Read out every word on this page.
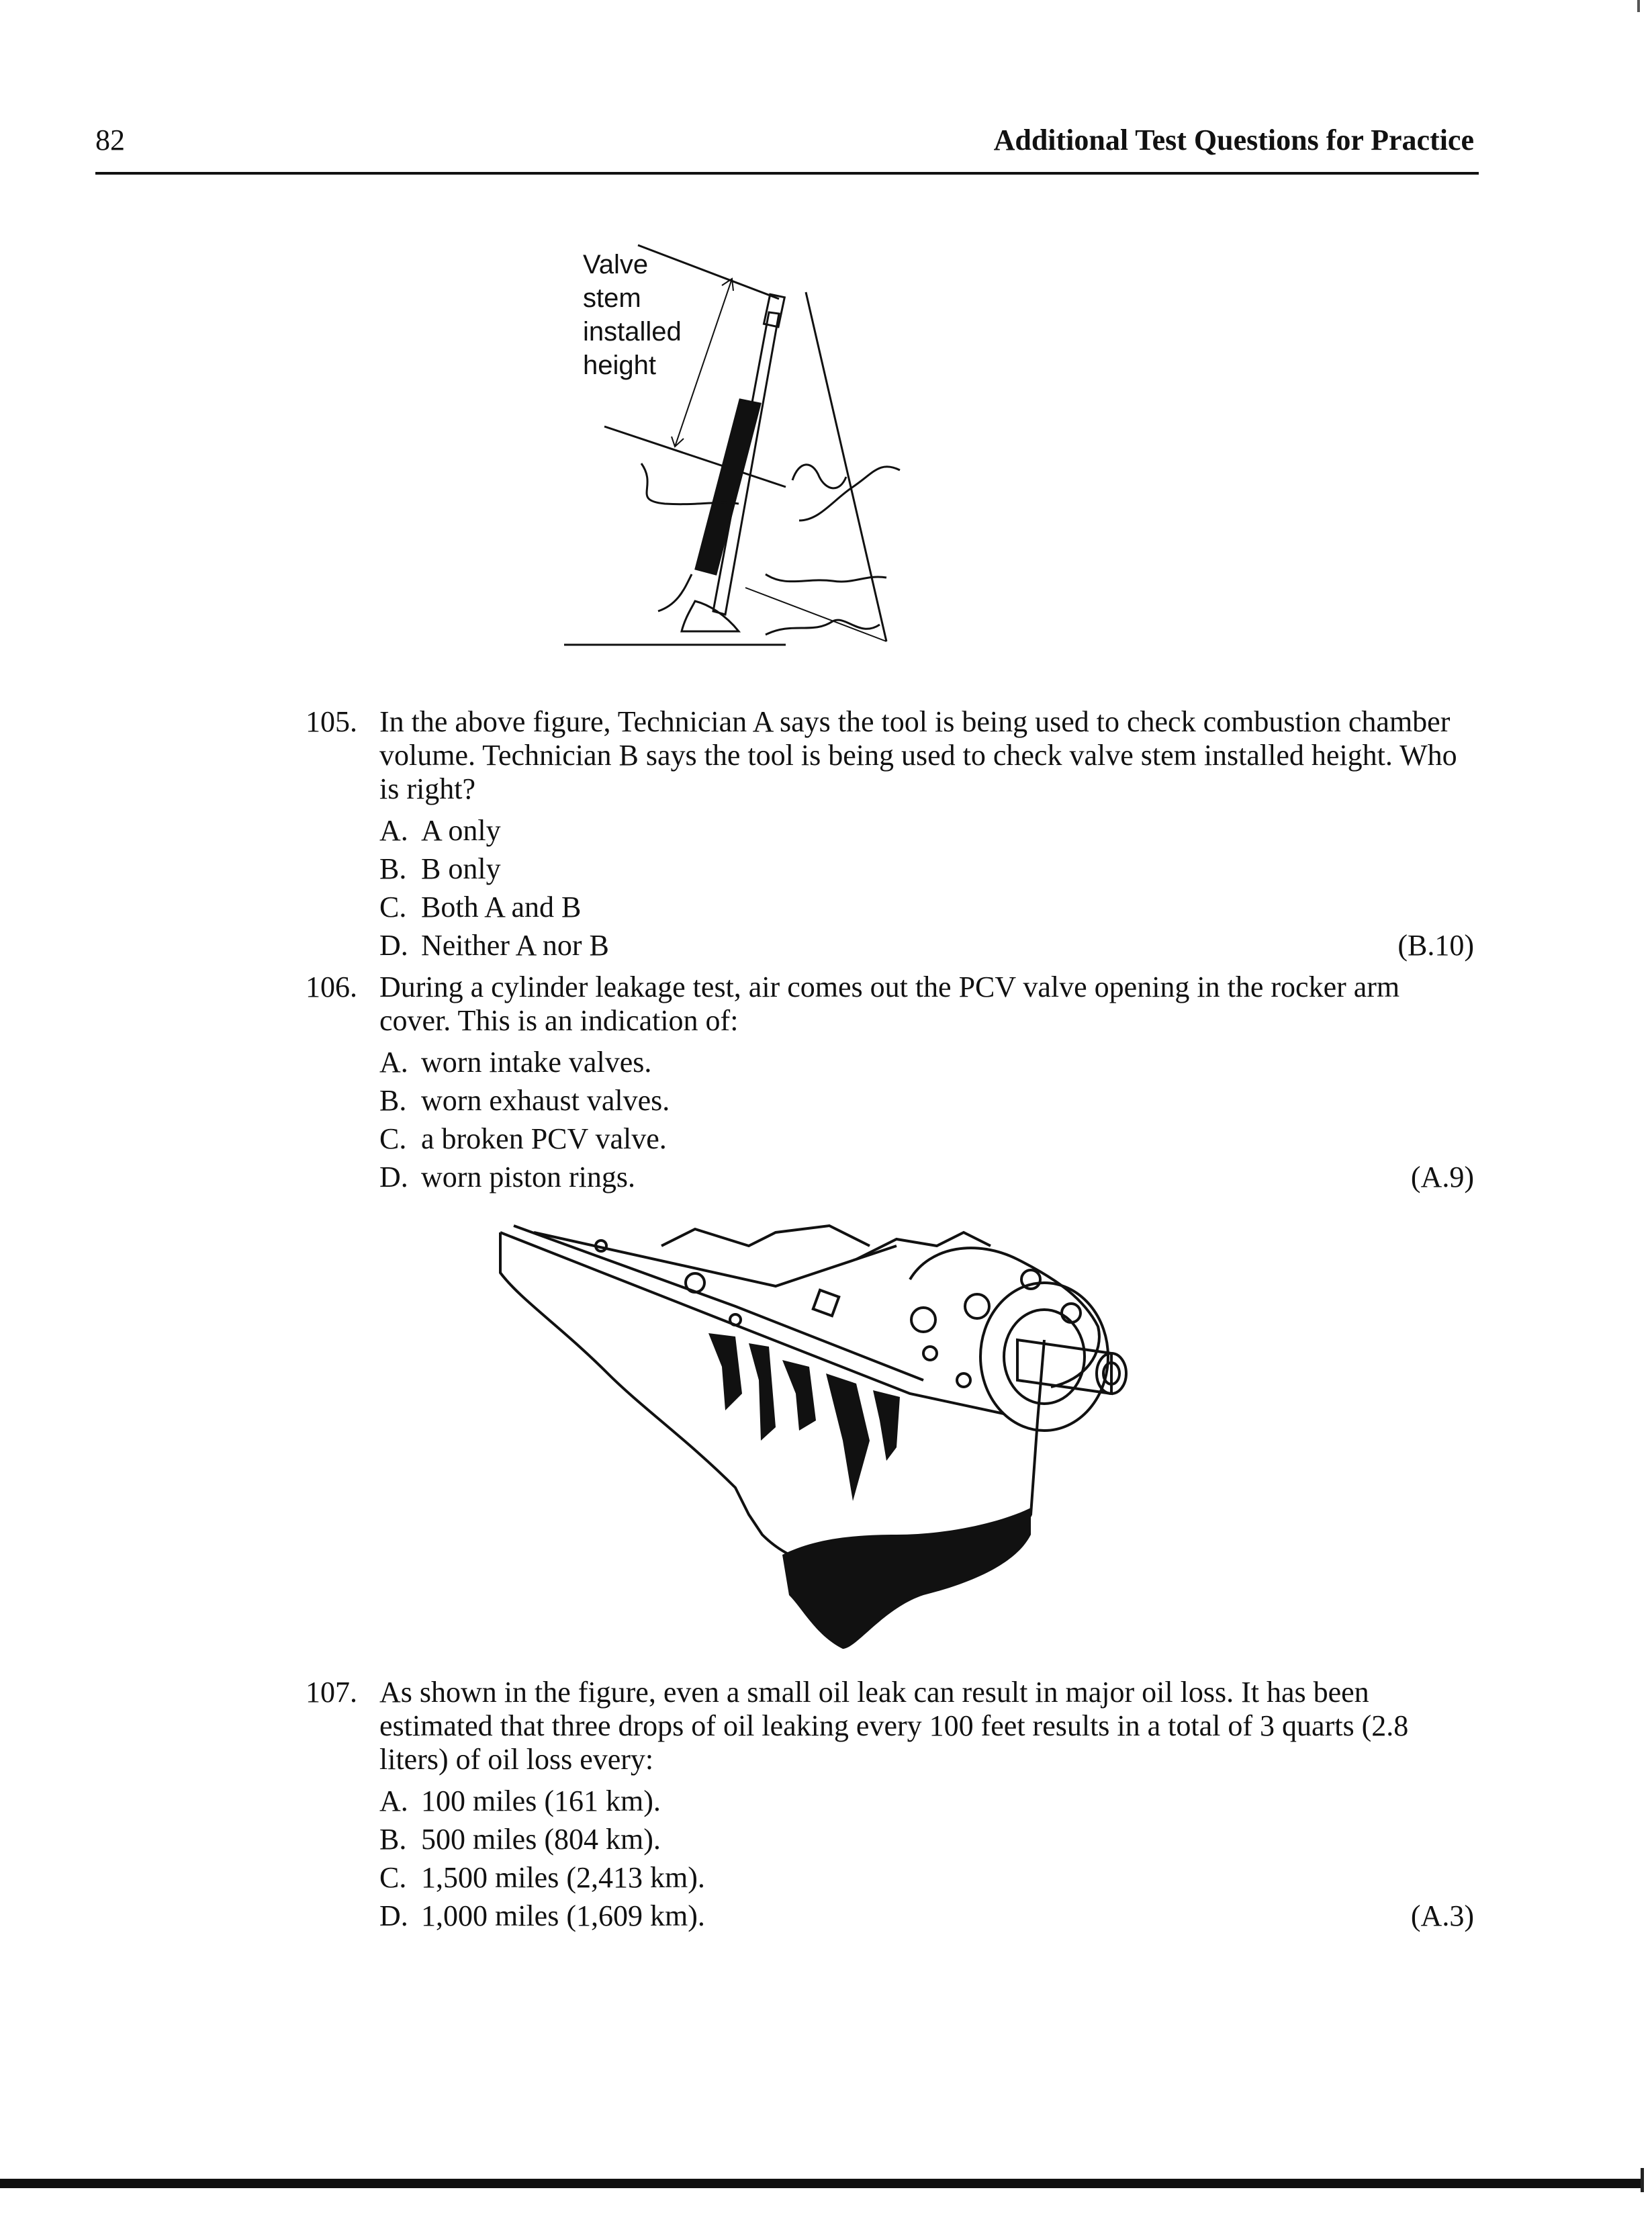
82	Additional Test Questions for Practice
Valve
stem
installed
height
105. In the above figure, Technician A says the tool is being used to check combustion chamber volume. Technician B says the tool is being used to check valve stem installed height. Who is right?
A. A only
B. B only
C. Both A and B
D. Neither A nor B	(B.10)
106. During a cylinder leakage test, air comes out the PCV valve opening in the rocker arm cover. This is an indication of:
A. worn intake valves.
B. worn exhaust valves.
C. a broken PCV valve.
D. worn piston rings.	(A.9)
107. As shown in the figure, even a small oil leak can result in major oil loss. It has been estimated that three drops of oil leaking every 100 feet results in a total of 3 quarts (2.8 liters) of oil loss every:
A. 100 miles (161 km).
B. 500 miles (804 km).
C. 1,500 miles (2,413 km).
D. 1,000 miles (1,609 km).	(A.3)
